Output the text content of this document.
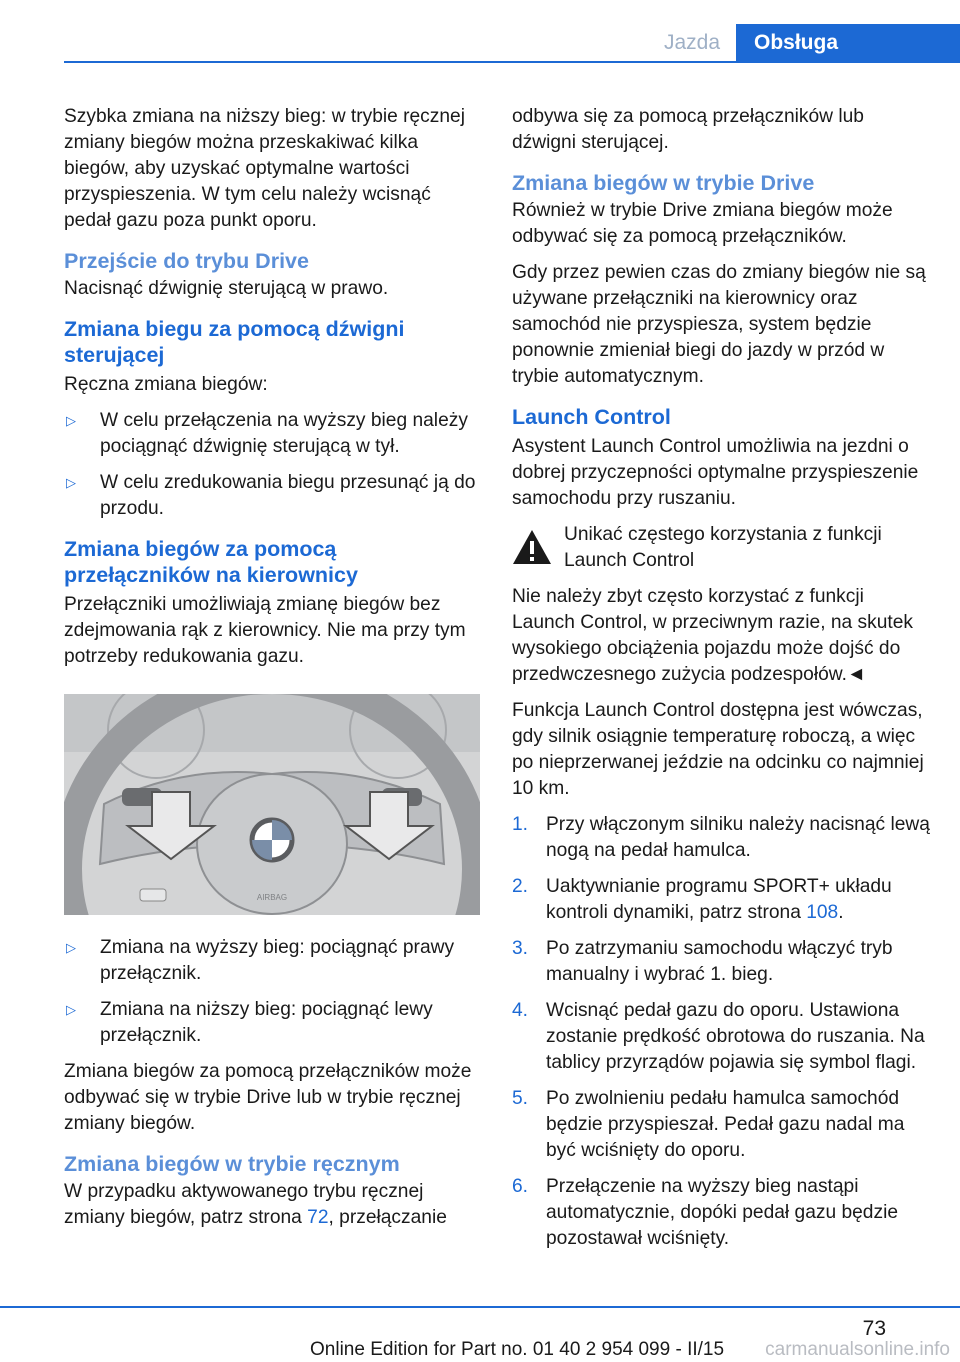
Jazda	Obsługa

Szybka zmiana na niższy bieg: w trybie ręcznej zmiany biegów można przeskakiwać kilka biegów, aby uzyskać optymalne wartości przyspieszenia. W tym celu należy wcisnąć pedał gazu poza punkt oporu.

Przejście do trybu Drive

Nacisnąć dźwignię sterującą w prawo.

Zmiana biegu za pomocą dźwigni sterującej

Ręczna zmiana biegów:

▷ W celu przełączenia na wyższy bieg należy pociągnąć dźwignię sterującą w tył.
▷ W celu zredukowania biegu przesunąć ją do przodu.
Zmiana biegów za pomocą przełączników na kierownicy

Przełączniki umożliwiają zmianę biegów bez zdejmowania rąk z kierownicy. Nie ma przy tym potrzeby redukowania gazu.

AIRBAG
▷ Zmiana na wyższy bieg: pociągnąć prawy przełącznik.
▷ Zmiana na niższy bieg: pociągnąć lewy przełącznik.

Zmiana biegów za pomocą przełączników może odbywać się w trybie Drive lub w trybie ręcznej zmiany biegów.

Zmiana biegów w trybie ręcznym

W przypadku aktywowanego trybu ręcznej zmiany biegów, patrz strona 72, przełączanie

odbywa się za pomocą przełączników lub dźwigni sterującej.

Zmiana biegów w trybie Drive

Również w trybie Drive zmiana biegów może odbywać się za pomocą przełączników.

Gdy przez pewien czas do zmiany biegów nie są używane przełączniki na kierownicy oraz samochód nie przyspiesza, system będzie ponownie zmieniał biegi do jazdy w przód w trybie automatycznym.

Launch Control

Asystent Launch Control umożliwia na jezdni o dobrej przyczepności optymalne przyspieszenie samochodu przy ruszaniu.

Unikać częstego korzystania z funkcji Launch Control

Nie należy zbyt często korzystać z funkcji Launch Control, w przeciwnym razie, na skutek wysokiego obciążenia pojazdu może dojść do przedwczesnego zużycia podzespołów.◄

Funkcja Launch Control dostępna jest wówczas, gdy silnik osiągnie temperaturę roboczą, a więc po nieprzerwanej jeździe na odcinku co najmniej 10 km.

1. Przy włączonym silniku należy nacisnąć lewą nogą na pedał hamulca.
2. Uaktywnianie programu SPORT+ układu kontroli dynamiki, patrz strona 108.
3. Po zatrzymaniu samochodu włączyć tryb manualny i wybrać 1. bieg.
4. Wcisnąć pedał gazu do oporu. Ustawiona zostanie prędkość obrotowa do ruszania. Na tablicy przyrządów pojawia się symbol flagi.
5. Po zwolnieniu pedału hamulca samochód będzie przyspieszał. Pedał gazu nadal ma być wciśnięty do oporu.
6. Przełączenie na wyższy bieg nastąpi automatycznie, dopóki pedał gazu będzie pozostawał wciśnięty.
73
Online Edition for Part no. 01 40 2 954 099 - II/15 carmanualsonline.info
